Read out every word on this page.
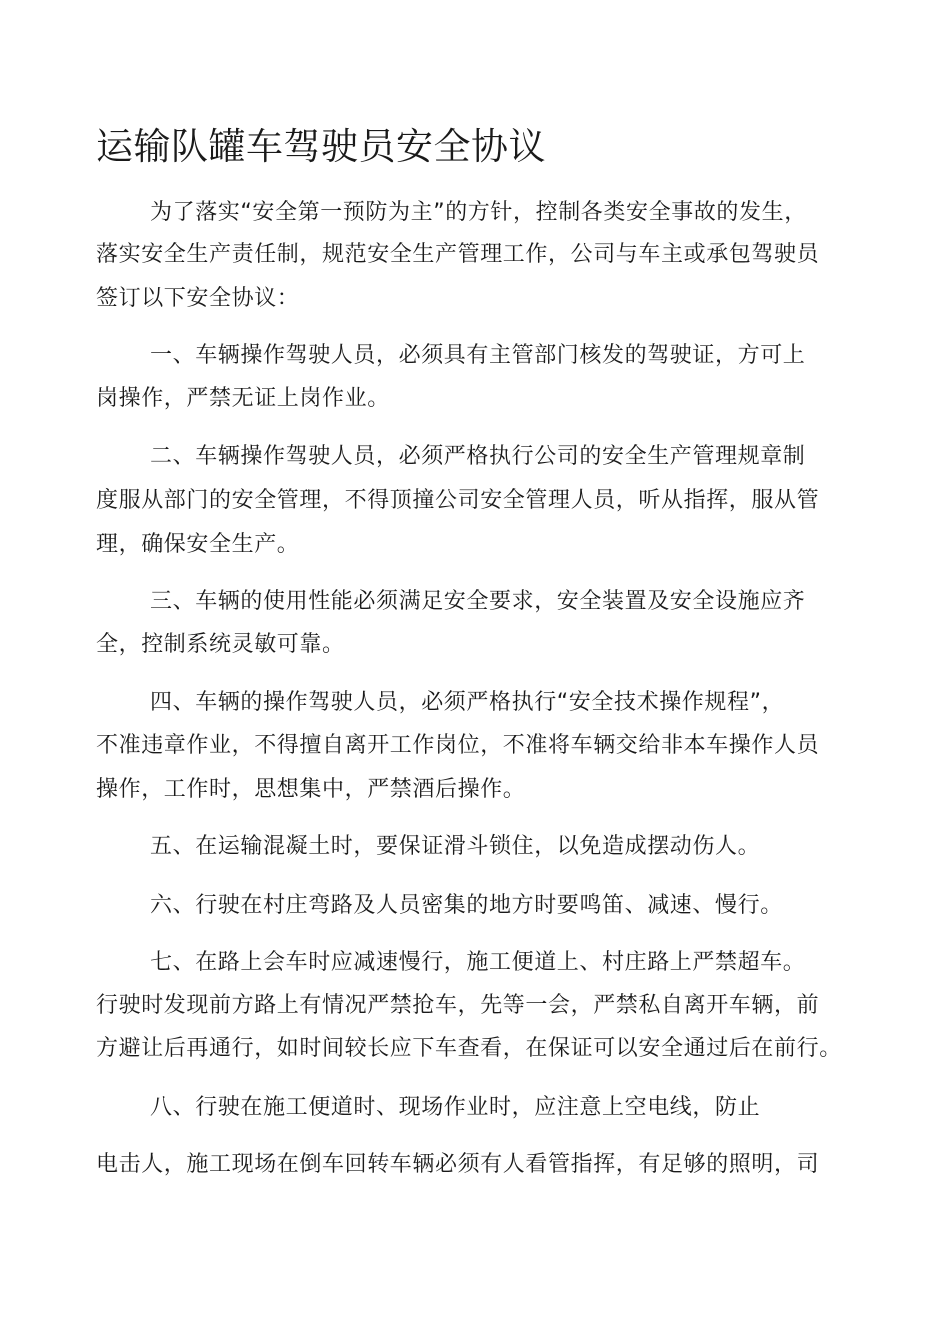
运输队罐车驾驶员安全协议
为了落实“安全第一预防为主”的方针，控制各类安全事故的发生，
落实安全生产责任制，规范安全生产管理工作，公司与车主或承包驾驶员
签订以下安全协议：
一、车辆操作驾驶人员，必须具有主管部门核发的驾驶证，方可上
岗操作，严禁无证上岗作业。
二、车辆操作驾驶人员，必须严格执行公司的安全生产管理规章制
度服从部门的安全管理，不得顶撞公司安全管理人员，听从指挥，服从管
理，确保安全生产。
三、车辆的使用性能必须满足安全要求，安全装置及安全设施应齐
全，控制系统灵敏可靠。
四、车辆的操作驾驶人员，必须严格执行“安全技术操作规程”，
不准违章作业，不得擅自离开工作岗位，不准将车辆交给非本车操作人员
操作，工作时，思想集中，严禁酒后操作。
五、在运输混凝土时，要保证滑斗锁住，以免造成摆动伤人。
六、行驶在村庄弯路及人员密集的地方时要鸣笛、减速、慢行。
七、在路上会车时应减速慢行，施工便道上、村庄路上严禁超车。
行驶时发现前方路上有情况严禁抢车，先等一会，严禁私自离开车辆，前
方避让后再通行，如时间较长应下车查看，在保证可以安全通过后在前行。
八、行驶在施工便道时、现场作业时，应注意上空电线，防止
电击人，施工现场在倒车回转车辆必须有人看管指挥，有足够的照明，司
